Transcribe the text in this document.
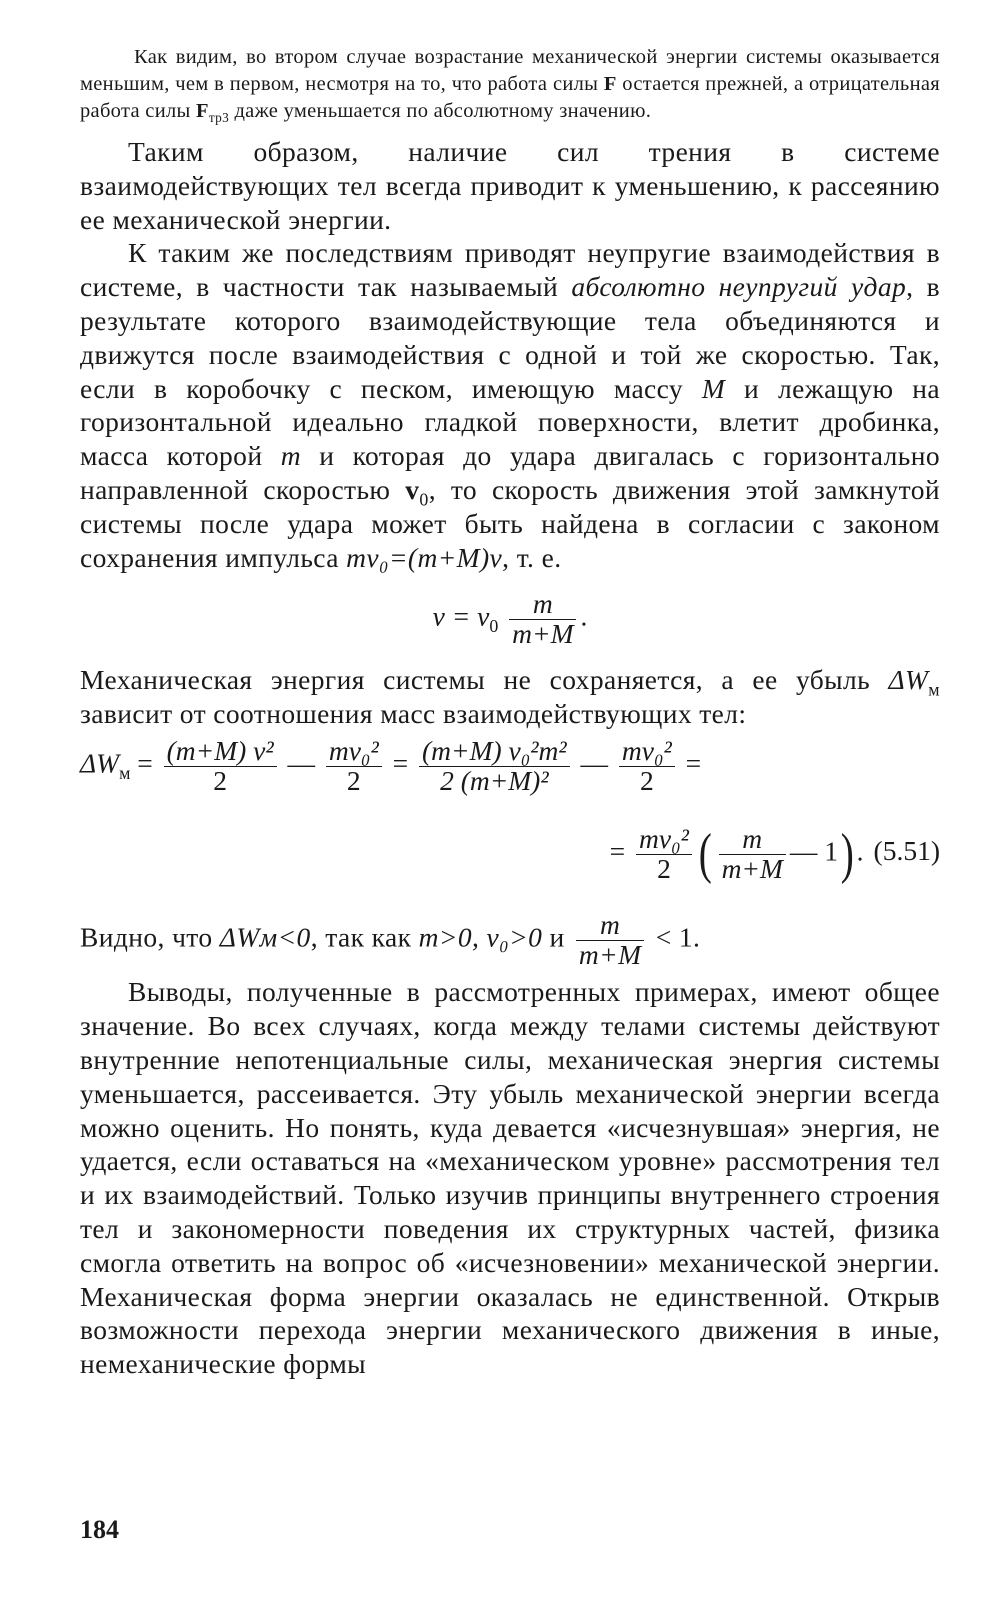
Как видим, во втором случае возрастание механической энергии системы оказывается меньшим, чем в первом, несмотря на то, что работа силы F остается прежней, а отрицательная работа силы $F_{тр3}$ даже уменьшается по абсолютному значению.

Таким образом, наличие сил трения в системе взаимодействующих тел всегда приводит к уменьшению, к рассеянию ее механической энергии.

К таким же последствиям приводят неупругие взаимодействия в системе, в частности так называемый абсолютно неупругий удар, в результате которого взаимодействующие тела объединяются и движутся после взаимодействия с одной и той же скоростью. Так, если в коробочку с песком, имеющую массу M и лежащую на горизонтальной идеально гладкой поверхности, влетит дробинка, масса которой m и которая до удара двигалась с горизонтально направленной скоростью $v_0$, то скорость движения этой замкнутой системы после удара может быть найдена в согласии с законом сохранения импульса mv₀=(m+M)v, т. е.

$v = v_0 \frac{m}{m+M}$ .

Механическая энергия системы не сохраняется, а ее убыль $\Delta W_м$ зависит от соотношения масс взаимодействующих тел:

$\Delta W_м = \frac{\text{(m+M) v²}}{2}$ — $\frac{\text{mv₀²}}{2} = \frac{\text{(m+M) v₀²m²}}{\text{2 (m+M)²}}$ — $\frac{\text{mv₀²}}{2}$ =
= $\frac{\text{mv₀²}}{2}$ ( $\frac{m}{m+M}$ — 1) . (5.51)

Видно, что ΔWм<0, так как m>0, v₀>0 и $\frac{m}{m+M} < 1$.

Выводы, полученные в рассмотренных примерах, имеют общее значение. Во всех случаях, когда между телами системы действуют внутренние непотенциальные силы, механическая энергия системы уменьшается, рассеивается. Эту убыль механической энергии всегда можно оценить. Но понять, куда девается «исчезнувшая» энергия, не удается, если оставаться на «механическом уровне» рассмотрения тел и их взаимодействий. Только изучив принципы внутреннего строения тел и закономерности поведения их структурных частей, физика смогла ответить на вопрос об «исчезновении» механической энергии. Механическая форма энергии оказалась не единственной. Открыв возможности перехода энергии механического движения в иные, немеханические формы

184
